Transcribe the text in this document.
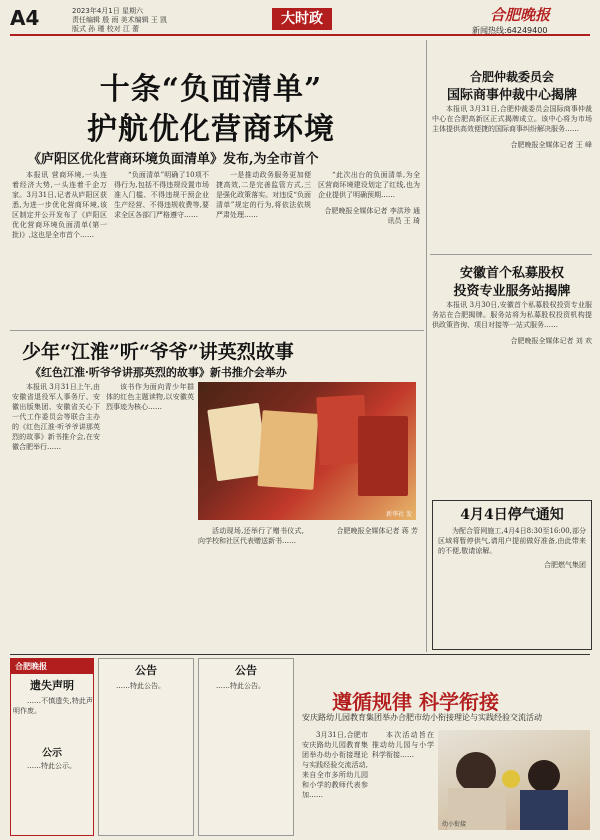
A4	2023年4月1日 星期六
责任编辑 殷 雨 美术编辑 王 凯
版式 孙 瑾 校对 江 蕾
大时政	合肥晚报
新闻热线:64249400
十条“负面清单”
护航优化营商环境
《庐阳区优化营商环境负面清单》发布,为全市首个

本报讯 营商环境,一头连着经济大势,一头连着千企万家。3月31日,记者从庐阳区获悉,为进一步优化营商环境,该区制定并公开发布了《庐阳区优化营商环境负面清单(第一批)》,这也是全市首个……

“负面清单”明确了10项不得行为,包括不得违规设置市场准入门槛、不得违规干预企业生产经营、不得违规收费等,要求全区各部门严格遵守……

一是推动政务服务更加便捷高效,二是完善监管方式,三是强化政策落实。对违反“负面清单”规定的行为,将依法依规严肃处理……

“此次出台的负面清单,为全区营商环境建设划定了红线,也为企业提供了明确预期……

合肥晚报全媒体记者 李洪珍 通讯员 王 琦
少年“江淮”听“爷爷”讲英烈故事
《红色江淮·听爷爷讲那英烈的故事》新书推介会举办

本报讯 3月31日上午,由安徽省退役军人事务厅、安徽出版集团、安徽省关心下一代工作委员会等联合主办的《红色江淮·听爷爷讲那英烈的故事》新书推介会,在安徽合肥举行……

该书作为面向青少年群体的红色主题读物,以安徽英烈事迹为核心……

新华社 发

活动现场,还举行了赠书仪式,向学校和社区代表赠送新书……

合肥晚报全媒体记者 蒋 芳
合肥仲裁委员会
国际商事仲裁中心揭牌

本报讯 3月31日,合肥仲裁委员会国际商事仲裁中心在合肥高新区正式揭牌成立。该中心将为市场主体提供高效便捷的国际商事纠纷解决服务……

合肥晚报全媒体记者 王 峰
安徽首个私募股权
投资专业服务站揭牌

本报讯 3月30日,安徽首个私募股权投资专业服务站在合肥揭牌。服务站将为私募股权投资机构提供政策咨询、项目对接等一站式服务……

合肥晚报全媒体记者 刘 欢
4月4日停气通知

为配合管网施工,4月4日8:30至16:00,部分区域将暂停供气,请用户提前做好准备,由此带来的不便,敬请谅解。

合肥燃气集团
合肥晚报
遗失声明

……不慎遗失,特此声明作废。

公示

……特此公示。

公告

……特此公告。

公告

……特此公告。

遵循规律 科学衔接
安庆路幼儿园教育集团举办合肥市幼小衔接理论与实践经验交流活动

3月31日,合肥市安庆路幼儿园教育集团举办幼小衔接理论与实践经验交流活动,来自全市多所幼儿园和小学的教师代表参加……

本次活动旨在推动幼儿园与小学科学衔接……

幼小衔接
